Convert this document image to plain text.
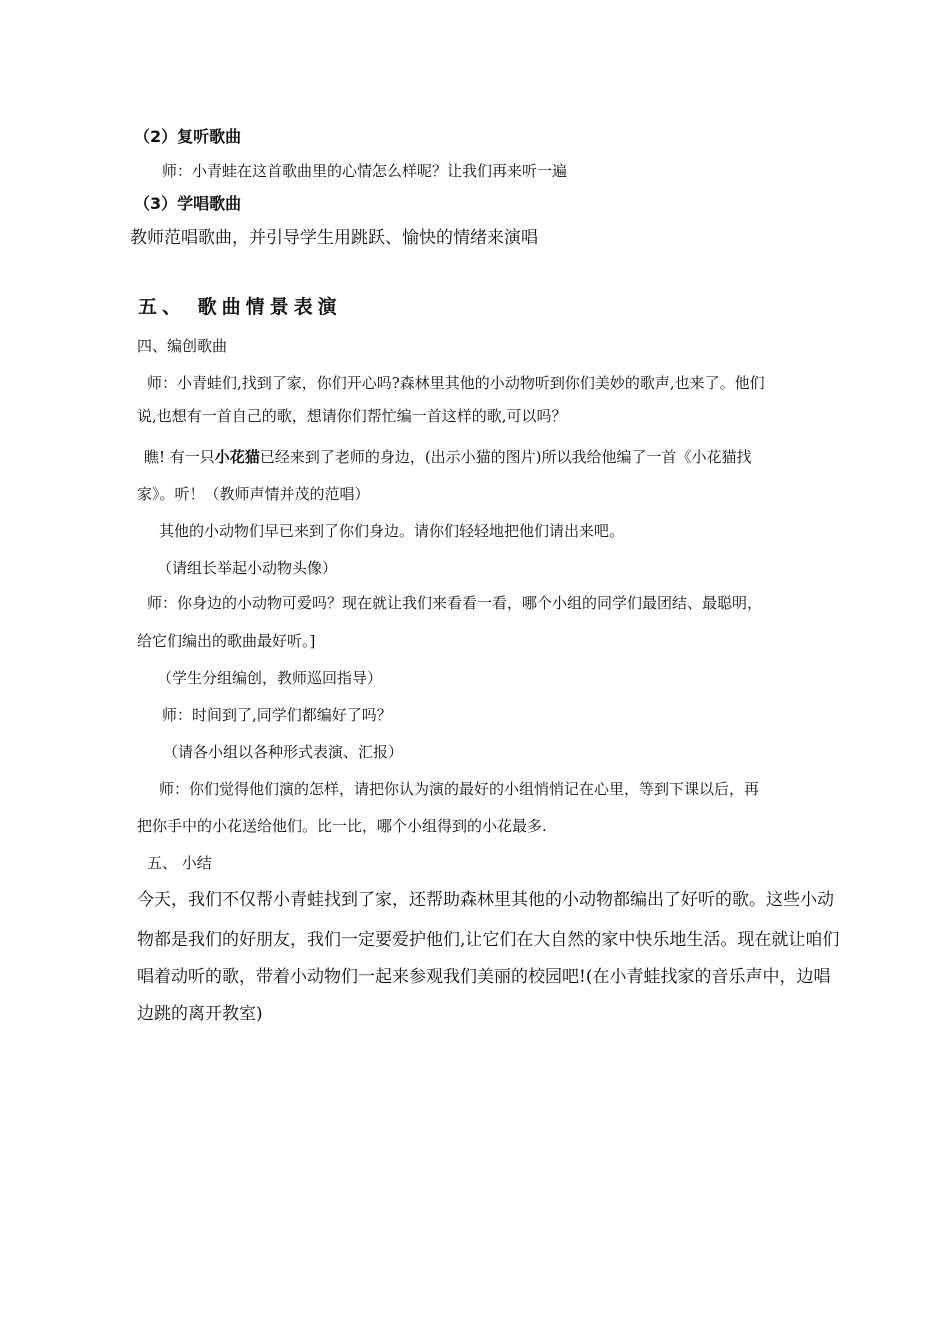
（2）复听歌曲
师：小青蛙在这首歌曲里的心情怎么样呢？让我们再来听一遍
（3）学唱歌曲
教师范唱歌曲，并引导学生用跳跃、愉快的情绪来演唱
五、 歌曲情景表演
四、编创歌曲
师：小青蛙们,找到了家，你们开心吗?森林里其他的小动物听到你们美妙的歌声,也来了。他们
说,也想有一首自己的歌，想请你们帮忙编一首这样的歌,可以吗？
瞧! 有一只小花猫已经来到了老师的身边，(出示小猫的图片)所以我给他编了一首《小花猫找
家》。听！（教师声情并茂的范唱）
其他的小动物们早已来到了你们身边。请你们轻轻地把他们请出来吧。
（请组长举起小动物头像）
师：你身边的小动物可爱吗？现在就让我们来看看一看，哪个小组的同学们最团结、最聪明，
给它们编出的歌曲最好听。]
（学生分组编创，教师巡回指导）
师：时间到了,同学们都编好了吗？
（请各小组以各种形式表演、汇报）
师：你们觉得他们演的怎样，请把你认为演的最好的小组悄悄记在心里，等到下课以后，再
把你手中的小花送给他们。比一比，哪个小组得到的小花最多.
五、 小结
今天，我们不仅帮小青蛙找到了家，还帮助森林里其他的小动物都编出了好听的歌。这些小动
物都是我们的好朋友，我们一定要爱护他们,让它们在大自然的家中快乐地生活。现在就让咱们
唱着动听的歌，带着小动物们一起来参观我们美丽的校园吧!(在小青蛙找家的音乐声中，边唱
边跳的离开教室)
